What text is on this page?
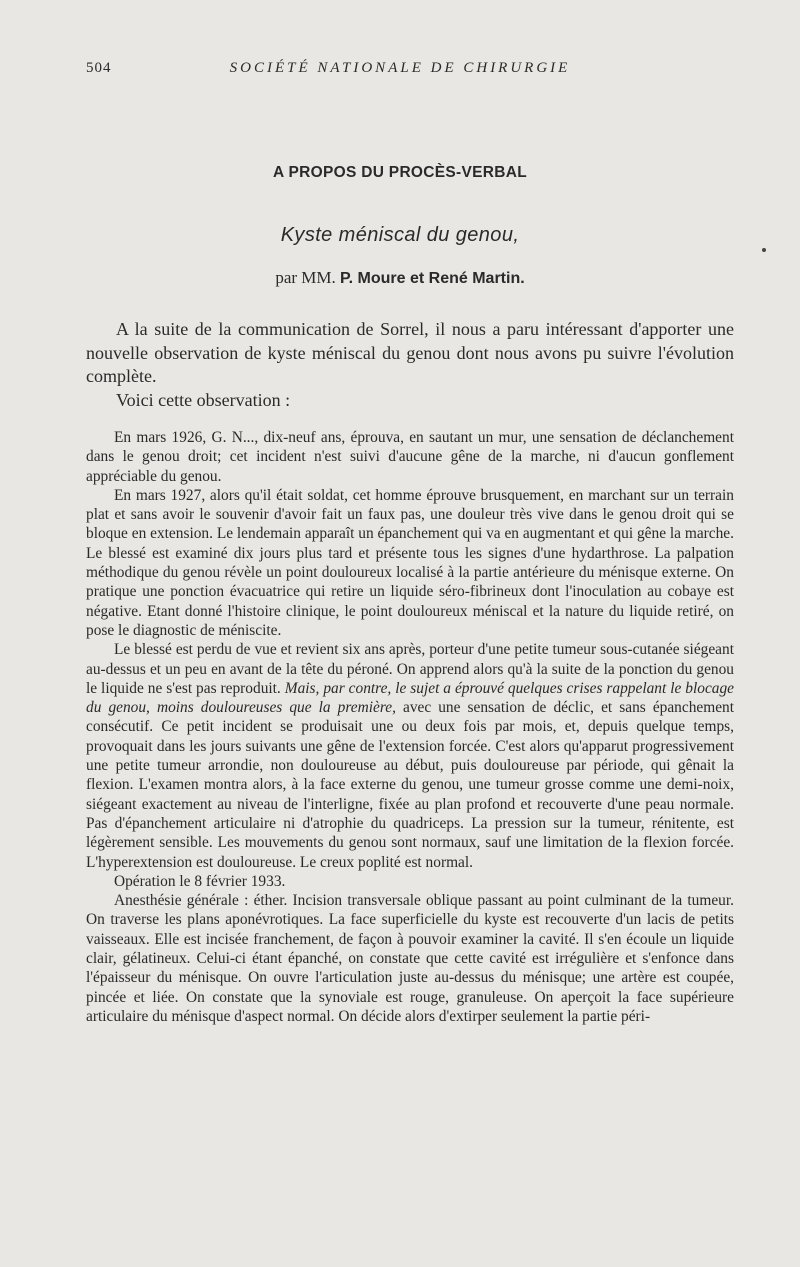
504	SOCIÉTÉ NATIONALE DE CHIRURGIE
A PROPOS DU PROCÈS-VERBAL
Kyste méniscal du genou,
par MM. P. Moure et René Martin.

A la suite de la communication de Sorrel, il nous a paru intéressant d'apporter une nouvelle observation de kyste méniscal du genou dont nous avons pu suivre l'évolution complète.

Voici cette observation :

En mars 1926, G. N..., dix-neuf ans, éprouva, en sautant un mur, une sensation de déclanchement dans le genou droit; cet incident n'est suivi d'aucune gêne de la marche, ni d'aucun gonflement appréciable du genou.

En mars 1927, alors qu'il était soldat, cet homme éprouve brusquement, en marchant sur un terrain plat et sans avoir le souvenir d'avoir fait un faux pas, une douleur très vive dans le genou droit qui se bloque en extension. Le lendemain apparaît un épanchement qui va en augmentant et qui gêne la marche. Le blessé est examiné dix jours plus tard et présente tous les signes d'une hydarthrose. La palpation méthodique du genou révèle un point douloureux localisé à la partie antérieure du ménisque externe. On pratique une ponction évacuatrice qui retire un liquide séro-fibrineux dont l'inoculation au cobaye est négative. Etant donné l'histoire clinique, le point douloureux méniscal et la nature du liquide retiré, on pose le diagnostic de méniscite.

Le blessé est perdu de vue et revient six ans après, porteur d'une petite tumeur sous-cutanée siégeant au-dessus et un peu en avant de la tête du péroné. On apprend alors qu'à la suite de la ponction du genou le liquide ne s'est pas reproduit. Mais, par contre, le sujet a éprouvé quelques crises rappelant le blocage du genou, moins douloureuses que la première, avec une sensation de déclic, et sans épanchement consécutif. Ce petit incident se produisait une ou deux fois par mois, et, depuis quelque temps, provoquait dans les jours suivants une gêne de l'extension forcée. C'est alors qu'apparut progressivement une petite tumeur arrondie, non douloureuse au début, puis douloureuse par période, qui gênait la flexion. L'examen montra alors, à la face externe du genou, une tumeur grosse comme une demi-noix, siégeant exactement au niveau de l'interligne, fixée au plan profond et recouverte d'une peau normale. Pas d'épanchement articulaire ni d'atrophie du quadriceps. La pression sur la tumeur, rénitente, est légèrement sensible. Les mouvements du genou sont normaux, sauf une limitation de la flexion forcée. L'hyperextension est douloureuse. Le creux poplité est normal.

Opération le 8 février 1933.

Anesthésie générale : éther. Incision transversale oblique passant au point culminant de la tumeur. On traverse les plans aponévrotiques. La face superficielle du kyste est recouverte d'un lacis de petits vaisseaux. Elle est incisée franchement, de façon à pouvoir examiner la cavité. Il s'en écoule un liquide clair, gélatineux. Celui-ci étant épanché, on constate que cette cavité est irrégulière et s'enfonce dans l'épaisseur du ménisque. On ouvre l'articulation juste au-dessus du ménisque; une artère est coupée, pincée et liée. On constate que la synoviale est rouge, granuleuse. On aperçoit la face supérieure articulaire du ménisque d'aspect normal. On décide alors d'extirper seulement la partie péri-
